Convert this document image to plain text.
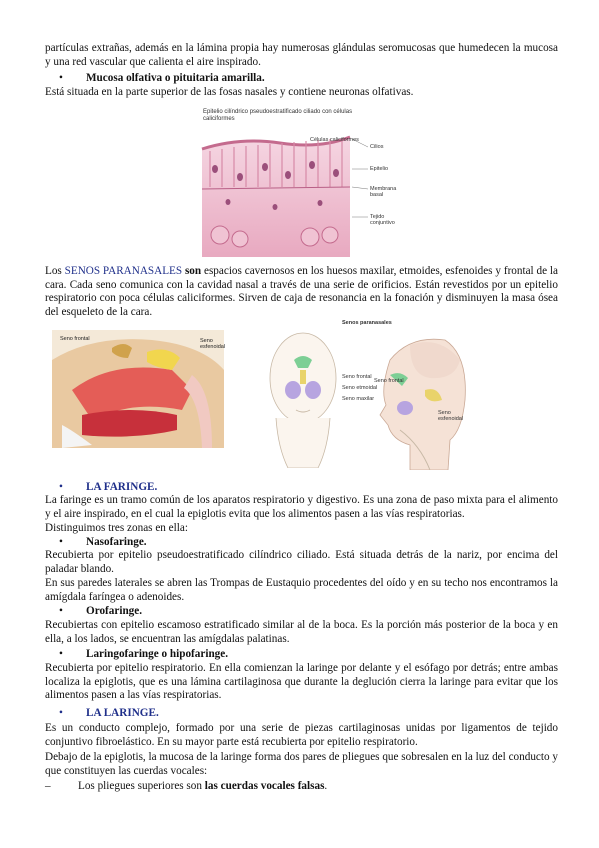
partículas extrañas, además en la lámina propia hay numerosas glándulas seromucosas que humedecen la mucosa y una red vascular que calienta el aire inspirado.
• Mucosa olfativa o pituitaria amarilla.
Está situada en la parte superior de las fosas nasales y contiene neuronas olfativas.
Epitelio cilíndrico pseudoestratificado ciliado con células caliciformes
Células caliciformes
Cilios
Epitelio
Membrana basal
Tejido conjuntivo
Los SENOS PARANASALES son espacios cavernosos en los huesos maxilar, etmoides, esfenoides y frontal de la cara. Cada seno comunica con la cavidad nasal a través de una serie de orificios. Están revestidos por un epitelio respiratorio con poca células caliciformes. Sirven de caja de resonancia en la fonación y disminuyen la masa ósea del esqueleto de la cara.
Seno frontal	Seno esfenoidal
Senos paranasales
Seno frontal
Seno etmoidal
Seno maxilar
Seno frontal
Seno esfenoidal
• LA FARINGE.
La faringe es un tramo común de los aparatos respiratorio y digestivo. Es una zona de paso mixta para el alimento y el aire inspirado, en el cual la epiglotis evita que los alimentos pasen a las vías respiratorias.
Distinguimos tres zonas en ella:
• Nasofaringe.
Recubierta por epitelio pseudoestratificado cilíndrico ciliado. Está situada detrás de la nariz, por encima del paladar blando.
En sus paredes laterales se abren las Trompas de Eustaquio procedentes del oído y en su techo nos encontramos la amígdala faríngea o adenoides.
• Orofaringe.
Recubiertas con epitelio escamoso estratificado similar al de la boca. Es la porción más posterior de la boca y en ella, a los lados, se encuentran las amígdalas palatinas.
• Laringofaringe o hipofaringe.
Recubierta por epitelio respiratorio. En ella comienzan la laringe por delante y el esófago por detrás; entre ambas localiza la epiglotis, que es una lámina cartilaginosa que durante la deglución cierra la laringe para evitar que los alimentos pasen a las vías respiratorias.
• LA LARINGE.
Es un conducto complejo, formado por una serie de piezas cartilaginosas unidas por ligamentos de tejido conjuntivo fibroelástico. En su mayor parte está recubierta por epitelio respiratorio.
Debajo de la epiglotis, la mucosa de la laringe forma dos pares de pliegues que sobresalen en la luz del conducto y que constituyen las cuerdas vocales:
– Los pliegues superiores son las cuerdas vocales falsas.
